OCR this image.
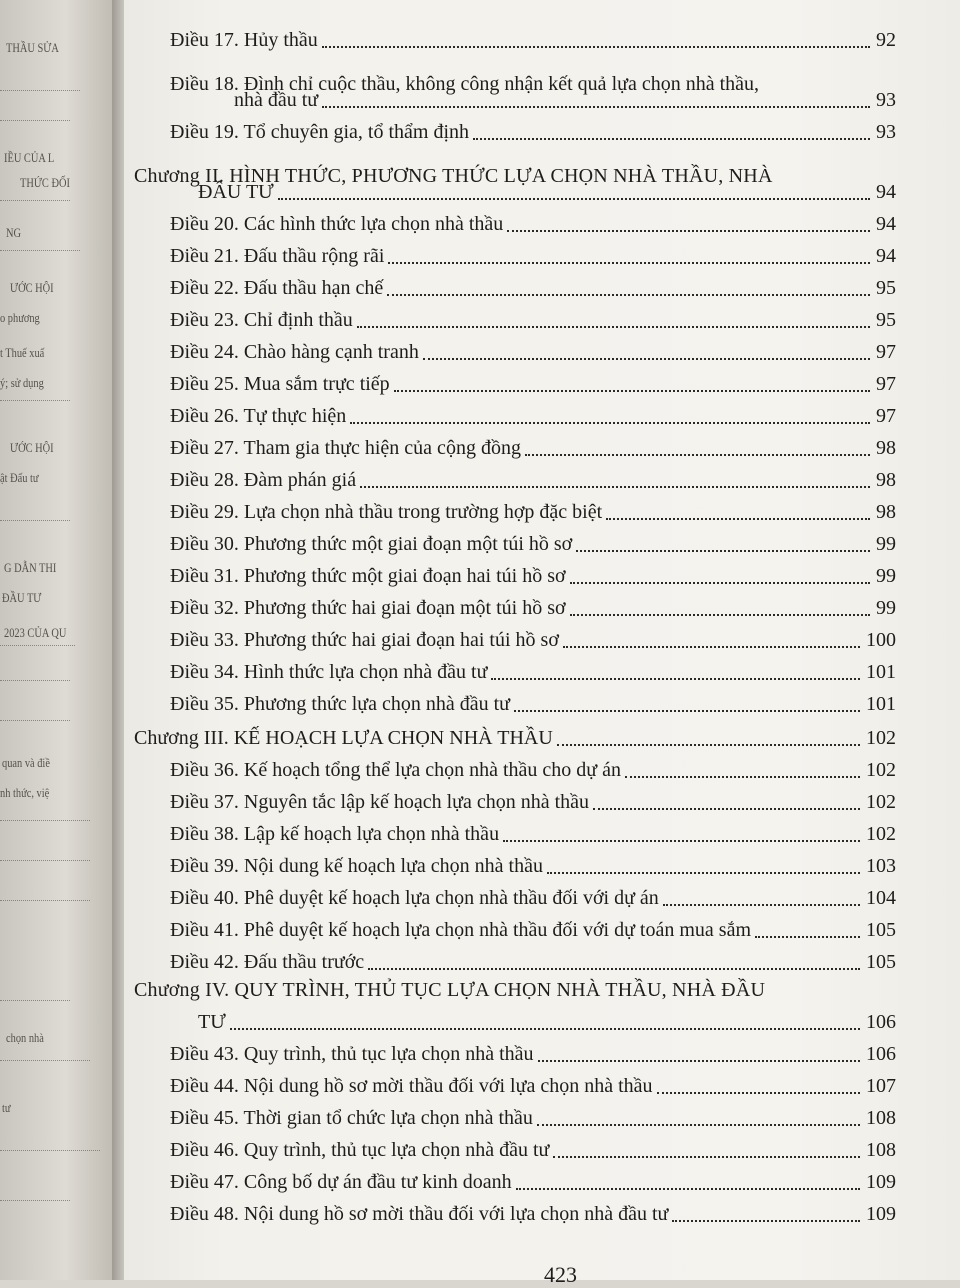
THẦU SỬA
IỀU CỦA L
THỨC ĐỐI
NG
ƯỚC HỘI
o phương
t Thuế xuấ
ý; sử dụng
ƯỚC HỘI
ật Đấu tư
G DẪN THI
ĐẦU TƯ
2023 CỦA QU
quan và điề
nh thức, việ
chọn nhà
tư
Điều 17. Hủy thầu	92
Điều 18. Đình chỉ cuộc thầu, không công nhận kết quả lựa chọn nhà thầu,
nhà đầu tư	93
Điều 19. Tổ chuyên gia, tổ thẩm định	93
Chương II. HÌNH THỨC, PHƯƠNG THỨC LỰA CHỌN NHÀ THẦU, NHÀ
ĐẦU TƯ	94
Điều 20. Các hình thức lựa chọn nhà thầu	94
Điều 21. Đấu thầu rộng rãi	94
Điều 22. Đấu thầu hạn chế	95
Điều 23. Chỉ định thầu	95
Điều 24. Chào hàng cạnh tranh	97
Điều 25. Mua sắm trực tiếp	97
Điều 26. Tự thực hiện	97
Điều 27. Tham gia thực hiện của cộng đồng	98
Điều 28. Đàm phán giá	98
Điều 29. Lựa chọn nhà thầu trong trường hợp đặc biệt	98
Điều 30. Phương thức một giai đoạn một túi hồ sơ	99
Điều 31. Phương thức một giai đoạn hai túi hồ sơ	99
Điều 32. Phương thức hai giai đoạn một túi hồ sơ	99
Điều 33. Phương thức hai giai đoạn hai túi hồ sơ	100
Điều 34. Hình thức lựa chọn nhà đầu tư	101
Điều 35. Phương thức lựa chọn nhà đầu tư	101
Chương III. KẾ HOẠCH LỰA CHỌN NHÀ THẦU	102
Điều 36. Kế hoạch tổng thể lựa chọn nhà thầu cho dự án	102
Điều 37. Nguyên tắc lập kế hoạch lựa chọn nhà thầu	102
Điều 38. Lập kế hoạch lựa chọn nhà thầu	102
Điều 39. Nội dung kế hoạch lựa chọn nhà thầu	103
Điều 40. Phê duyệt kế hoạch lựa chọn nhà thầu đối với dự án	104
Điều 41. Phê duyệt kế hoạch lựa chọn nhà thầu đối với dự toán mua sắm	105
Điều 42. Đấu thầu trước	105
Chương IV. QUY TRÌNH, THỦ TỤC LỰA CHỌN NHÀ THẦU, NHÀ ĐẦU
TƯ	106
Điều 43. Quy trình, thủ tục lựa chọn nhà thầu	106
Điều 44. Nội dung hồ sơ mời thầu đối với lựa chọn nhà thầu	107
Điều 45. Thời gian tổ chức lựa chọn nhà thầu	108
Điều 46. Quy trình, thủ tục lựa chọn nhà đầu tư	108
Điều 47. Công bố dự án đầu tư kinh doanh	109
Điều 48. Nội dung hồ sơ mời thầu đối với lựa chọn nhà đầu tư	109
423
